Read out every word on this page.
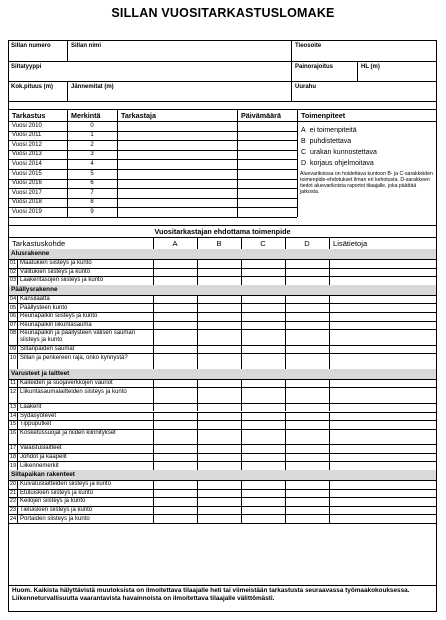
SILLAN VUOSITARKASTUSLOMAKE
Sillan numero	Sillan nimi	Tieosoite
Siltatyyppi	Painorajoitus	HL (m)
Kok.pituus (m)	Jännemitat (m)	Uurahu
Tarkastus	Merkintä	Tarkastaja	Päivämäärä	Toimenpiteet
Vuosi 2010	0
Vuosi 2011	1
Vuosi 2012	2
Vuosi 2013	3
Vuosi 2014	4
Vuosi 2015	5
Vuosi 2016	6
Vuosi 2017	7
Vuosi 2018	8
Vuosi 2019	9
A ei toimenpiteitä
B puhdistettava
C urakan kunnostettava
D korjaus ohjelmoitava
Aluevarikoissa on hoidettava kuntoon B- ja C-sarakkeiden toimenpide-ehdotukset ilman eri kehotusta. D-sarakkeen tiedot aluevarikoista raportoi tilaajalle, joka päättää jatkosta.
Vuositarkastajan ehdottama toimenpide
Tarkastuskohde	A	B	C	D	Lisätietoja
Alusrakenne
01 Maatukien siisteys ja kunto
02 Välitukien siisteys ja kunto
03 Laakeritasojen siisteys ja kunto
Päällysrakenne
04 Kansilaatta
05 Päällysteen kunto
06 Reunapalkin siisteys ja kunto
07 Reunapalkin liikuntasauma
08 Reunapalkin ja päällysteen välisen sauman siisteys ja kunto
09 Siltanpäiden saumat
10 Sillan ja penkereen raja, onko kynnystä?
Varusteet ja laitteet
11 Kaiteiden ja suojaverkkojen vauriot
12 Liikuntasaumalaitteiden siisteys ja kunto
13 Laakerit
14 Sydäsyötevet
15 Tippuputket
16 Kosketussuojat ja niiden kiinnitykset
17 Valaistuslaitteet
18 Johdot ja kaapelit
19 Liikennemerkit
Siltapaikan rakenteet
20 Kuivatuslaitteiden siisteys ja kunto
21 Etuluiskien siisteys ja kunto
22 Keilojen siisteys ja kunto
23 Tieluiskien siisteys ja kunto
24 Portaiden siisteys ja kunto
Huom. Kaikista hälyttävistä muutoksista on ilmoitettava tilaajalle heti tai viimeistään tarkastusta seuraavassa työmaakokouksessa. Liikenneturvallisuutta vaarantavista havainnoista on ilmoitettava tilaajalle välittömästi.
